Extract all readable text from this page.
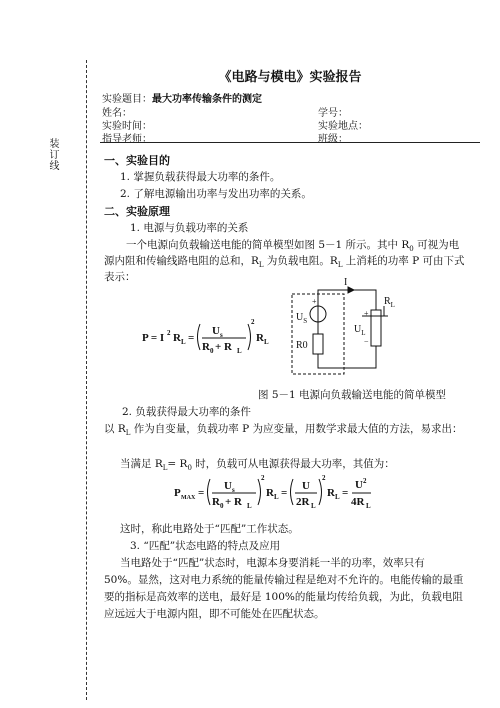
装订线
《电路与模电》实验报告
实验题目：最大功率传输条件的测定
姓名：	学号：
实验时间：	实验地点：
指导老师：	班级：
一、实验目的
1. 掌握负载获得最大功率的条件。
2. 了解电源输出功率与发出功率的关系。
二、实验原理
1. 电源与负载功率的关系
一个电源向负载输送电能的简单模型如图 5－1 所示。其中 $R_0$ 可视为电
源内阻和传输线路电阻的总和，$R_L$ 为负载电阻。$R_L$ 上消耗的功率 P 可由下式
表示：
P = I 2 R L =
U s
R 0 + R L
2
R L
I
$U_S$
+
R0
$R_L$
$U_L$
+
−
图 5－1 电源向负载输送电能的简单模型
2. 负载获得最大功率的条件
以 $R_L$ 作为自变量，负载功率 P 为应变量，用数学求最大值的方法，易求出：
当满足 $R_L= R_0$ 时，负载可从电源获得最大功率，其值为：
P MAX =
U s
R 0 + R L
2
R L =
U
2R L
2
R L =
U 2
4R L
这时，称此电路处于“匹配”工作状态。
3. “匹配”状态电路的特点及应用
当电路处于“匹配”状态时，电源本身要消耗一半的功率，效率只有
50%。显然，这对电力系统的能量传输过程是绝对不允许的。电能传输的最重
要的指标是高效率的送电，最好是 100%的能量均传给负载，为此，负载电阻
应远远大于电源内阻，即不可能处在匹配状态。
